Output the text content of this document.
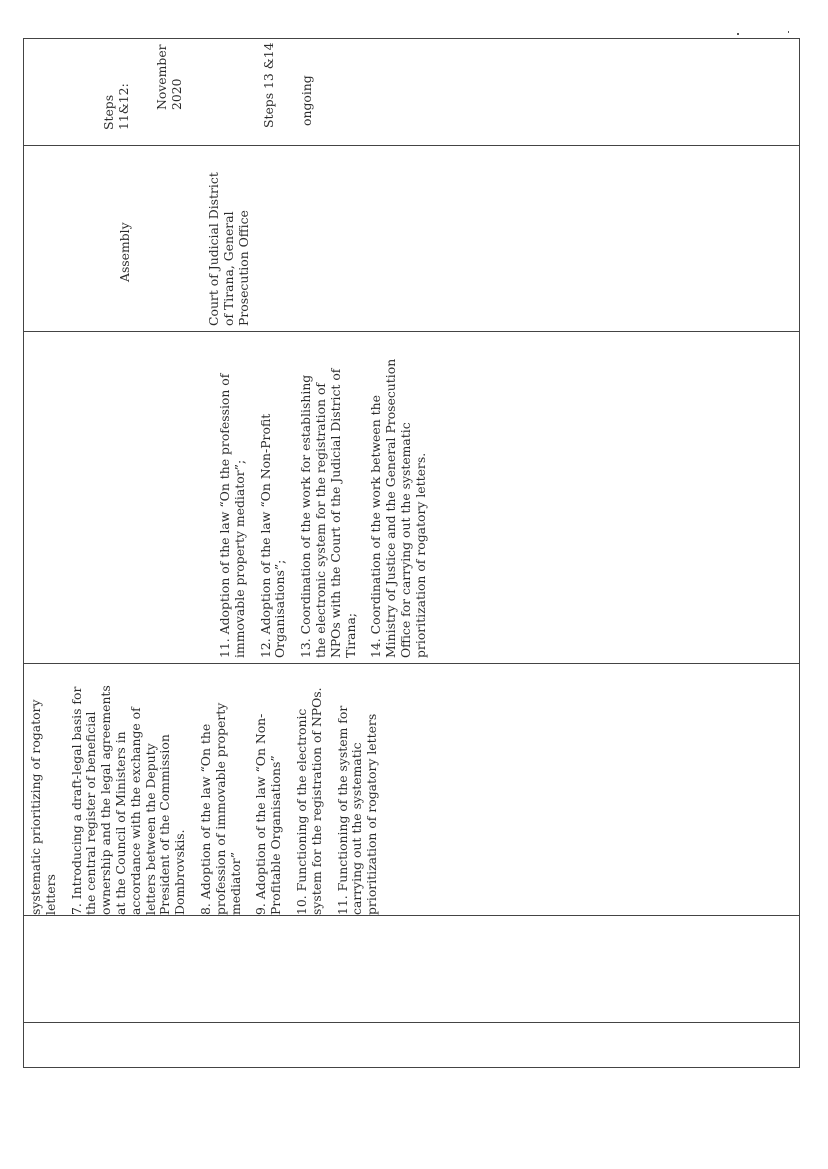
systematic prioritizing of rogatory letters 7. Introducing a draft-legal basis for the central register of beneficial ownership and the legal agreements at the Council of Ministers in accordance with the exchange of letters between the Deputy President of the Commission Dombrovskis. 8. Adoption of the law “On the profession of immovable property mediator” 9. Adoption of the law “On Non- Profitable Organisations” 10. Functioning of the electronic system for the registration of NPOs. 11. Functioning of the system for carrying out the systematic prioritization of rogatory letters
11. Adoption of the law “On the profession of immovable property mediator”; 12. Adoption of the law “On Non-Profit Organisations”; 13. Coordination of the work for establishing the electronic system for the registration of NPOs with the Court of the Judicial District of Tirana; 14. Coordination of the work between the Ministry of Justice and the General Prosecution Office for carrying out the systematic prioritization of rogatory letters.
Assembly	Court of Judicial District of Tirana, General Prosecution Office
Steps 11&12: November 2020	Steps 13 &14 ongoing
